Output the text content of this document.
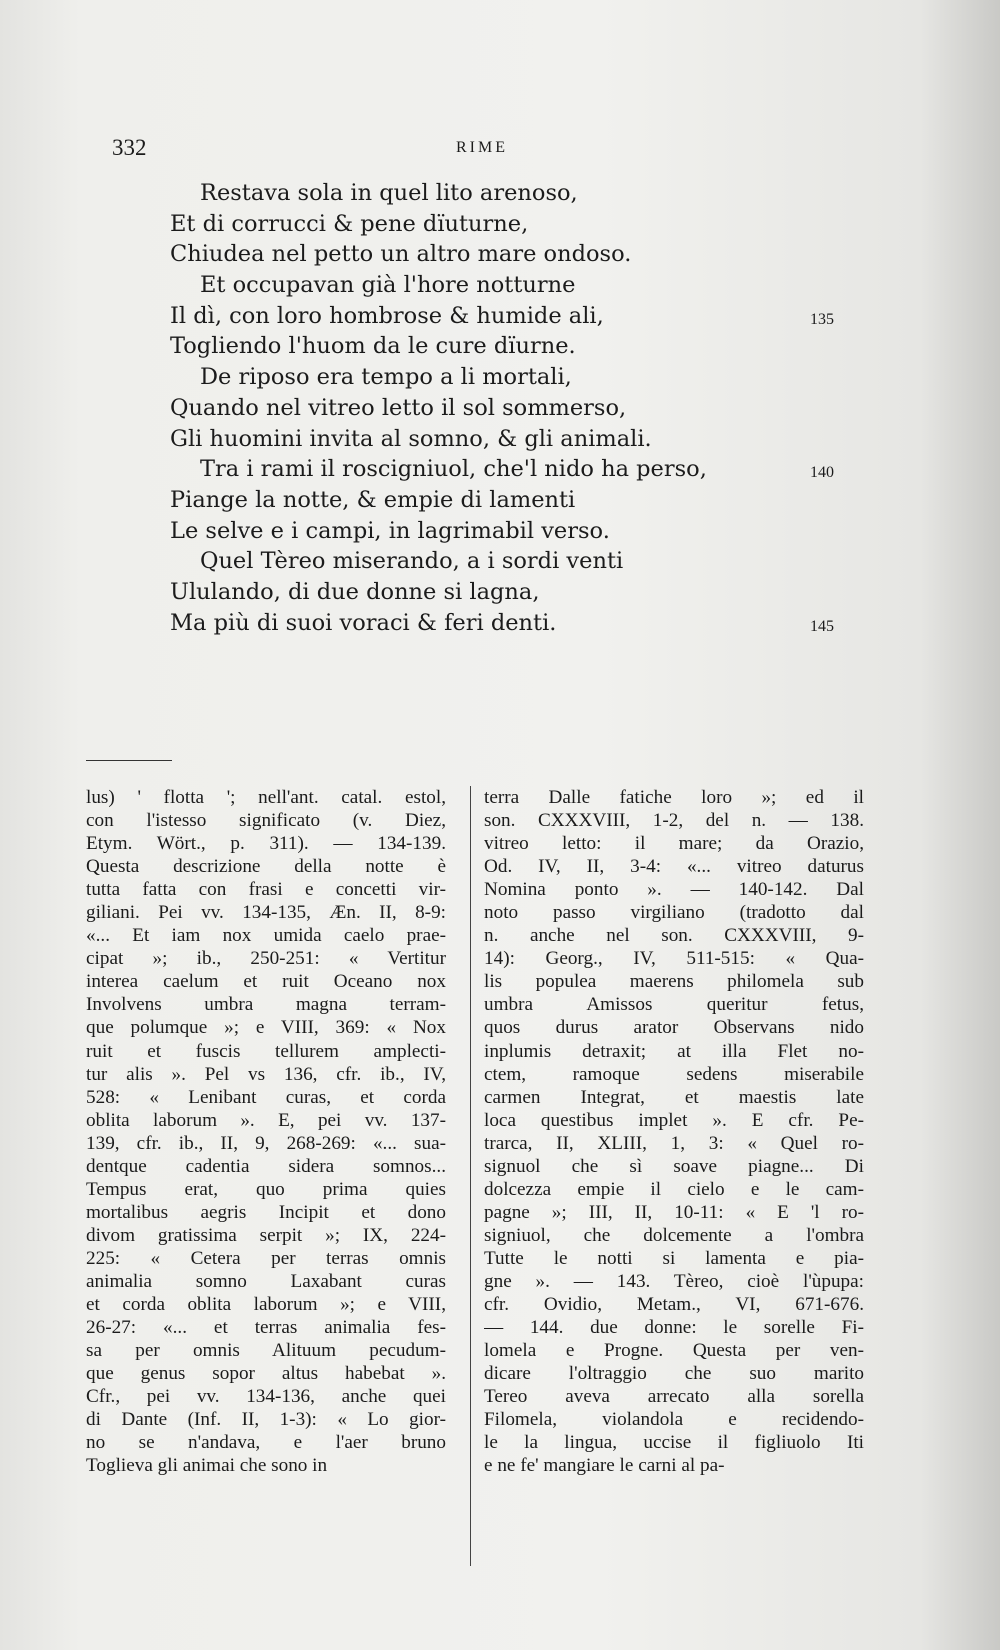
332	RIME
Restava sola in quel lito arenoso,
Et di corrucci & pene dïuturne,
Chiudea nel petto un altro mare ondoso.
Et occupavan già l'hore notturne
Il dì, con loro hombrose & humide ali,	135
Togliendo l'huom da le cure dïurne.
De riposo era tempo a li mortali,
Quando nel vitreo letto il sol sommerso,
Gli huomini invita al somno, & gli animali.
Tra i rami il roscigniuol, che'l nido ha perso,	140
Piange la notte, & empie di lamenti
Le selve e i campi, in lagrimabil verso.
Quel Tèreo miserando, a i sordi venti
Ululando, di due donne si lagna,
Ma più di suoi voraci & feri denti.	145
lus) ' flotta '; nell'ant. catal. estol,
con l'istesso significato (v. Diez,
Etym. Wört., p. 311). — 134-139.
Questa descrizione della notte è
tutta fatta con frasi e concetti vir-
giliani. Pei vv. 134-135, Æn. II, 8-9:
«... Et iam nox umida caelo prae-
cipat »; ib., 250-251: « Vertitur
interea caelum et ruit Oceano nox
Involvens umbra magna terram-
que polumque »; e VIII, 369: « Nox
ruit et fuscis tellurem amplecti-
tur alis ». Pel vs 136, cfr. ib., IV,
528: « Lenibant curas, et corda
oblita laborum ». E, pei vv. 137-
139, cfr. ib., II, 9, 268-269: «... sua-
dentque cadentia sidera somnos...
Tempus erat, quo prima quies
mortalibus aegris Incipit et dono
divom gratissima serpit »; IX, 224-
225: « Cetera per terras omnis
animalia somno Laxabant curas
et corda oblita laborum »; e VIII,
26-27: «... et terras animalia fes-
sa per omnis Alituum pecudum-
que genus sopor altus habebat ».
Cfr., pei vv. 134-136, anche quei
di Dante (Inf. II, 1-3): « Lo gior-
no se n'andava, e l'aer bruno
Toglieva gli animai che sono in
terra Dalle fatiche loro »; ed il
son. CXXXVIII, 1-2, del n. — 138.
vitreo letto: il mare; da Orazio,
Od. IV, II, 3-4: «... vitreo daturus
Nomina ponto ». — 140-142. Dal
noto passo virgiliano (tradotto dal
n. anche nel son. CXXXVIII, 9-
14): Georg., IV, 511-515: « Qua-
lis populea maerens philomela sub
umbra Amissos queritur fetus,
quos durus arator Observans nido
inplumis detraxit; at illa Flet no-
ctem, ramoque sedens miserabile
carmen Integrat, et maestis late
loca questibus implet ». E cfr. Pe-
trarca, II, XLIII, 1, 3: « Quel ro-
signuol che sì soave piagne... Di
dolcezza empie il cielo e le cam-
pagne »; III, II, 10-11: « E 'l ro-
signiuol, che dolcemente a l'ombra
Tutte le notti si lamenta e pia-
gne ». — 143. Tèreo, cioè l'ùpupa:
cfr. Ovidio, Metam., VI, 671-676.
— 144. due donne: le sorelle Fi-
lomela e Progne. Questa per ven-
dicare l'oltraggio che suo marito
Tereo aveva arrecato alla sorella
Filomela, violandola e recidendo-
le la lingua, uccise il figliuolo Iti
e ne fe' mangiare le carni al pa-
